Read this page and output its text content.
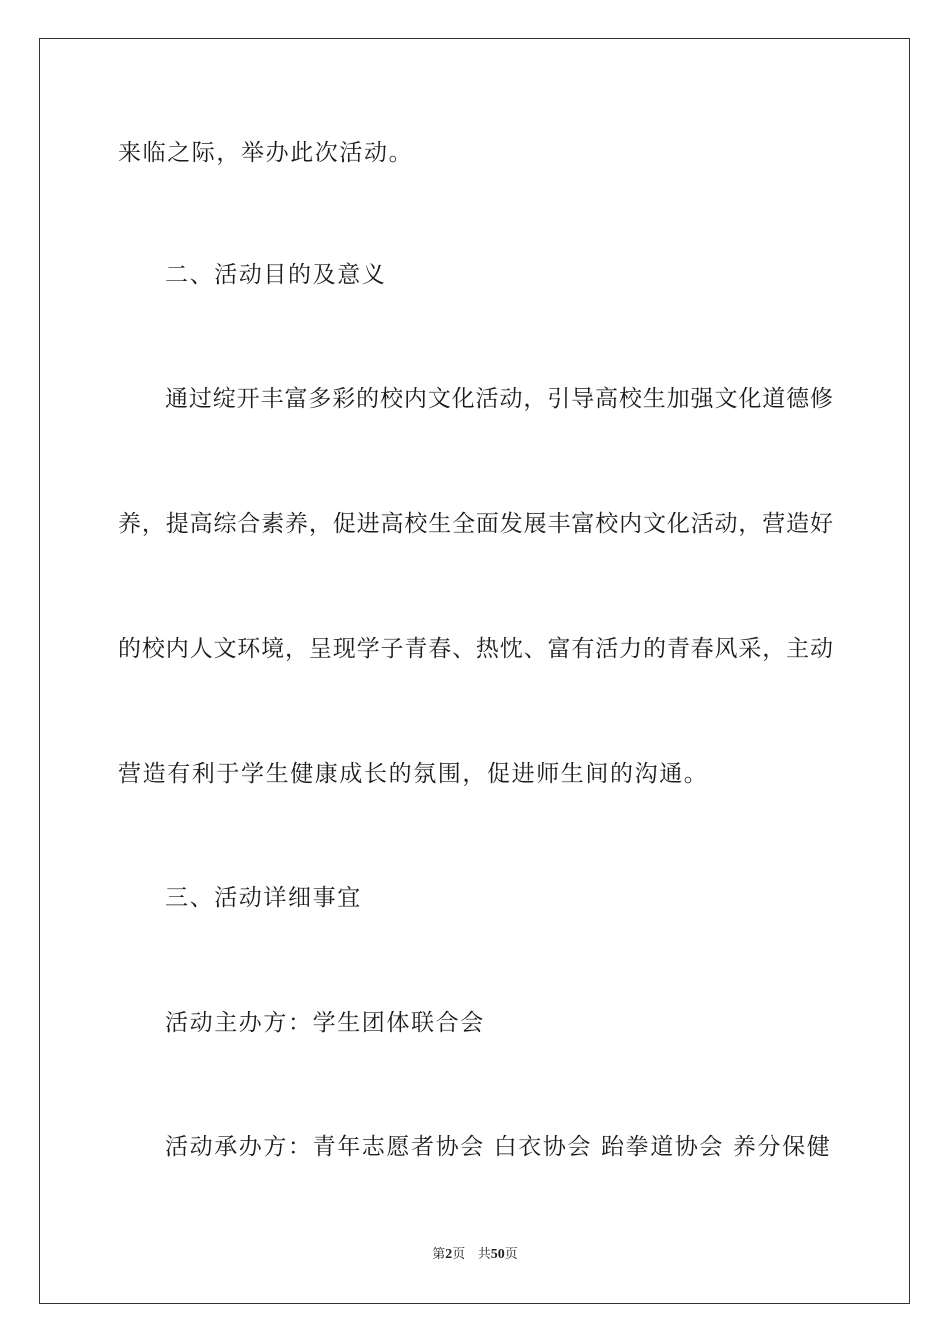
来临之际，举办此次活动。
二、活动目的及意义
通过绽开丰富多彩的校内文化活动，引导高校生加强文化道德修
养，提高综合素养，促进高校生全面发展丰富校内文化活动，营造好
的校内人文环境，呈现学子青春、热忱、富有活力的青春风采，主动
营造有利于学生健康成长的氛围，促进师生间的沟通。
三、活动详细事宜
活动主办方：学生团体联合会
活动承办方：青年志愿者协会 白衣协会 跆拳道协会 养分保健
第2页 共50页
